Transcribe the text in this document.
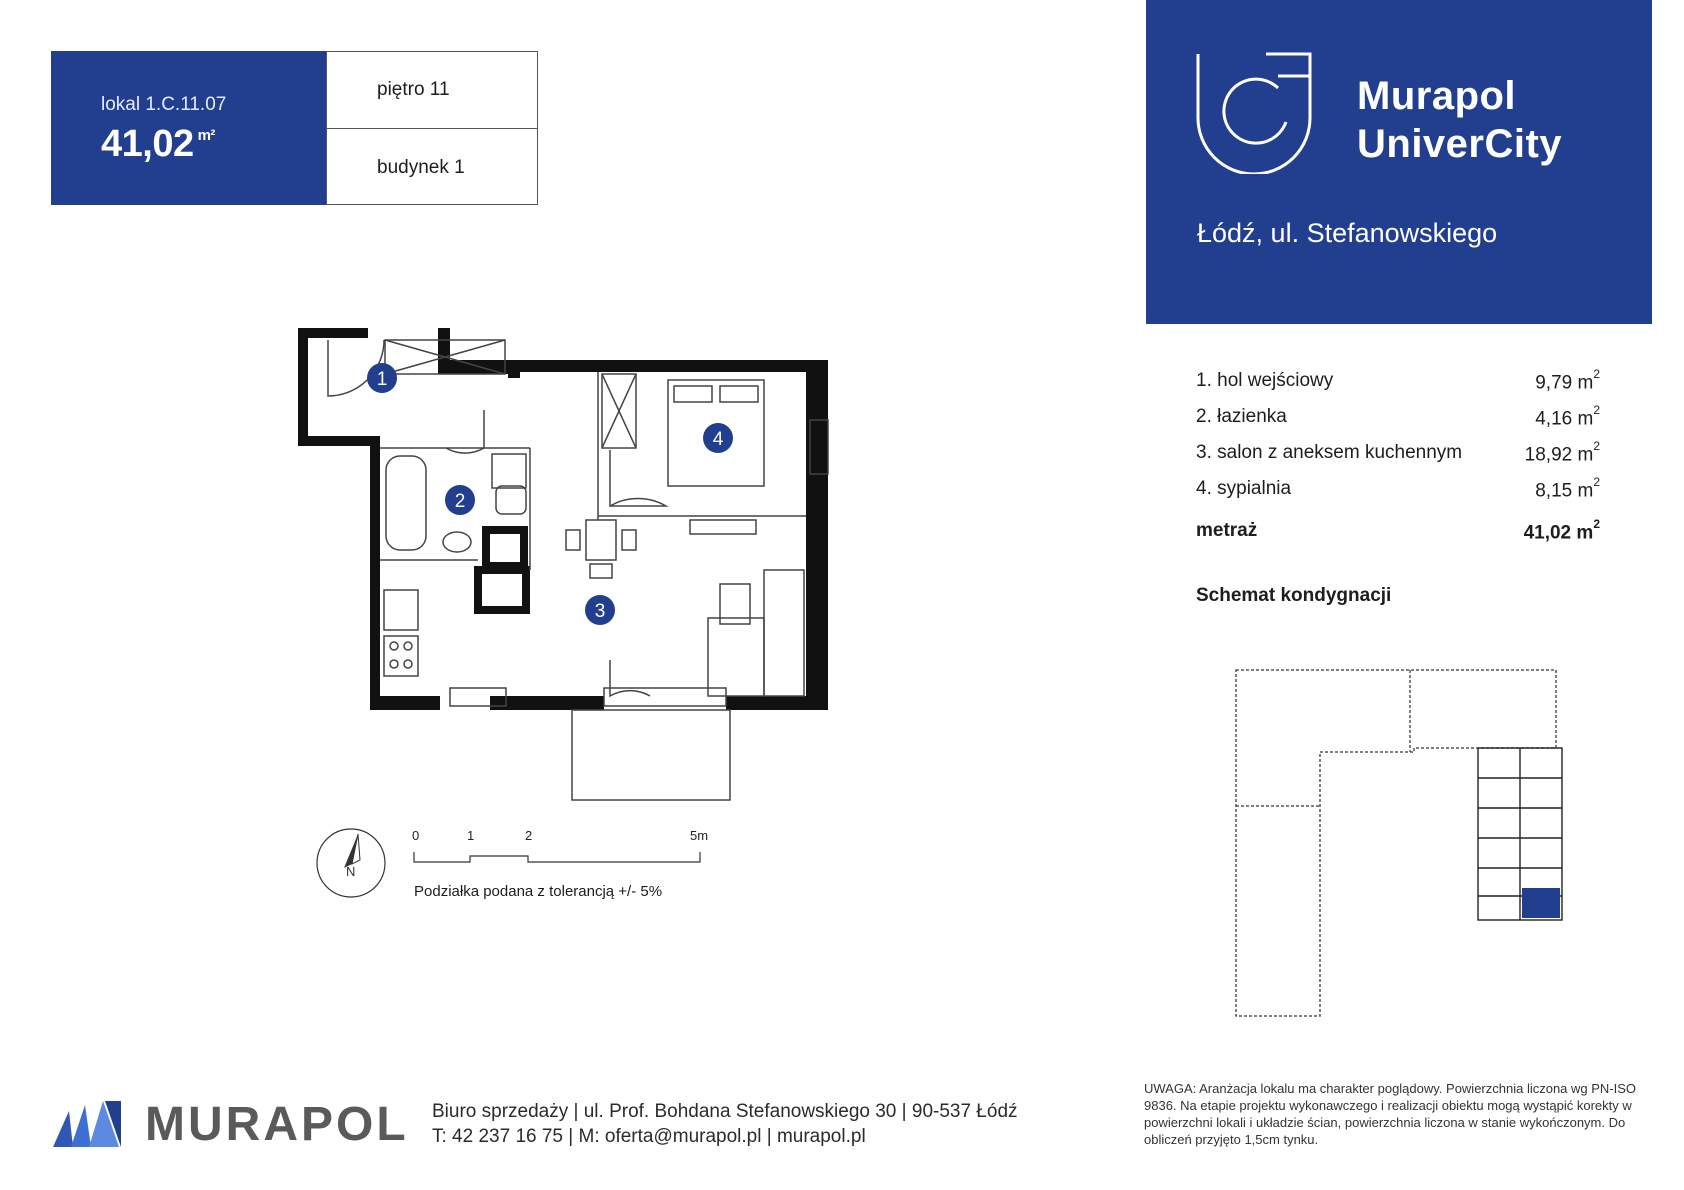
lokal 1.C.11.07
41,02 $^{m^2}$
piętro 11
budynek 1
Murapol
UniverCity
Łódź, ul. Stefanowskiego
1. hol wejściowy	9,79 $m^2$
2. łazienka	4,16 $m^2$
3. salon z aneksem kuchennym	18,92 $m^2$
4. sypialnia	8,15 $m^2$
metraż	41,02 $m^2$
Schemat kondygnacji
1
2
3
4
N
0	1	2	5m
Podziałka podana z tolerancją +/- 5%
MURAPOL Biuro sprzedaży | ul. Prof. Bohdana Stefanowskiego 30 | 90-537 Łódź
T: 42 237 16 75 | M: oferta@murapol.pl | murapol.pl
UWAGA: Aranżacja lokalu ma charakter poglądowy. Powierzchnia liczona wg PN-ISO 9836. Na etapie projektu wykonawczego i realizacji obiektu mogą wystąpić korekty w powierzchni lokali i układzie ścian, powierzchnia liczona w stanie wykończonym. Do obliczeń przyjęto 1,5cm tynku.
